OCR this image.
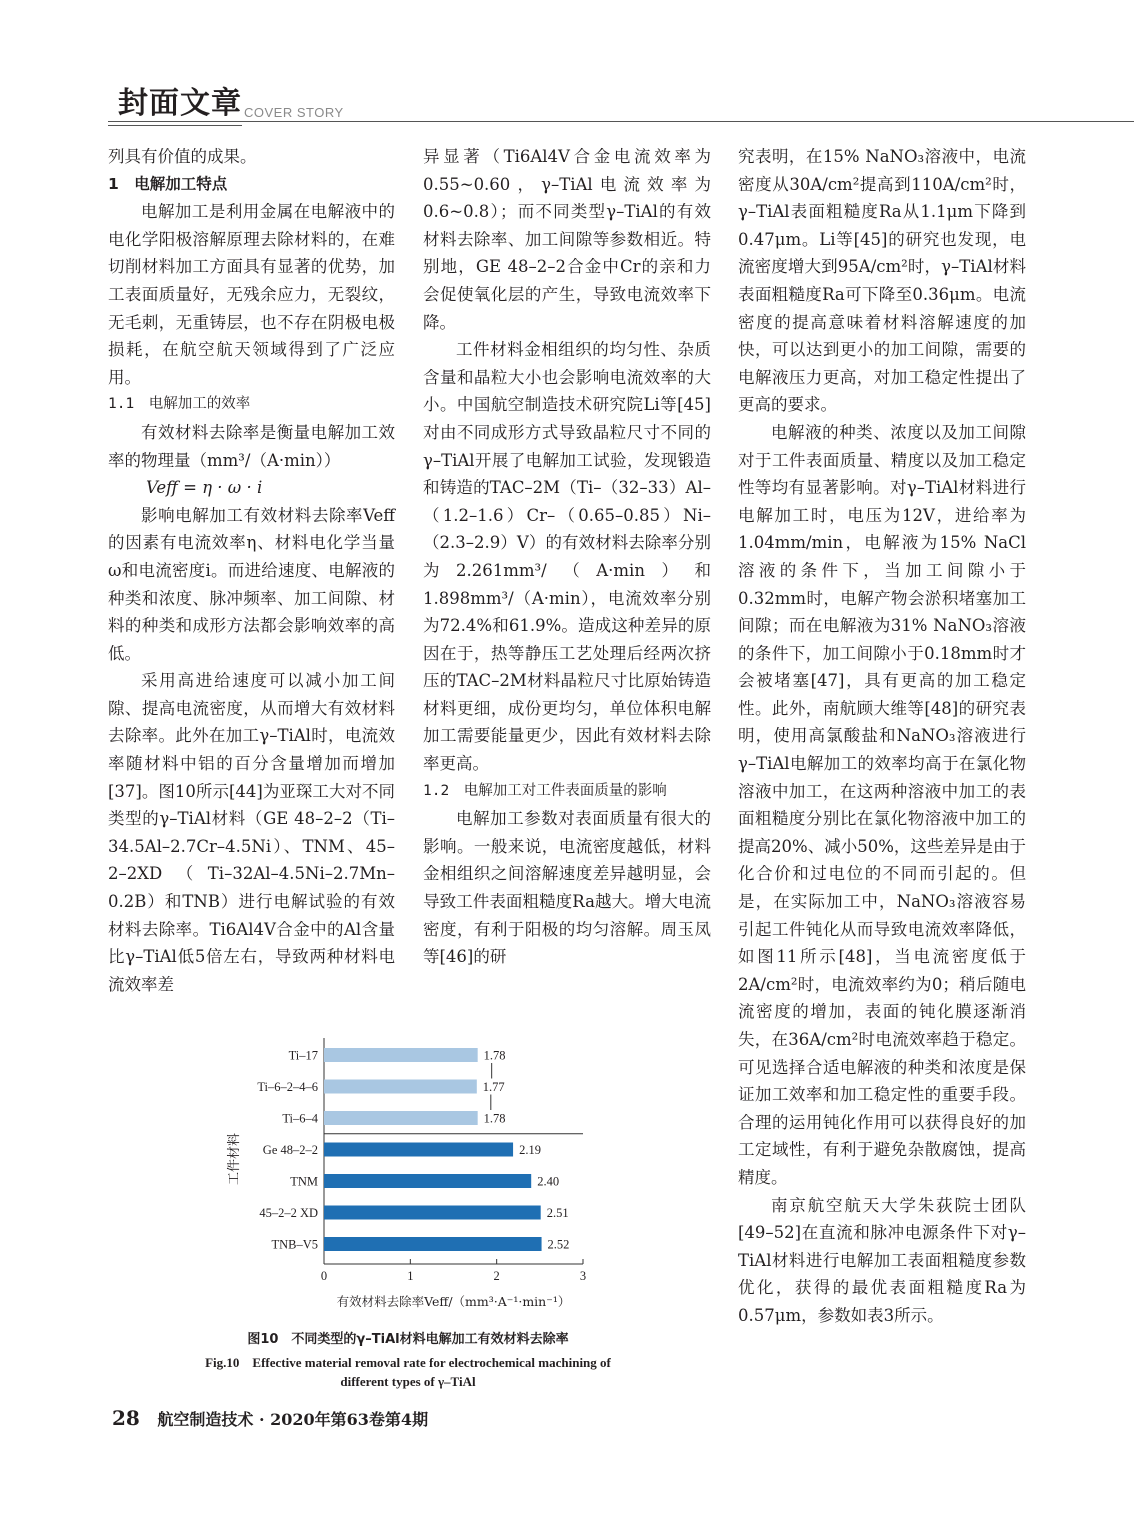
封面文章 COVER STORY

列具有价值的成果。

1　电解加工特点

电解加工是利用金属在电解液中的电化学阳极溶解原理去除材料的，在难切削材料加工方面具有显著的优势，加工表面质量好，无残余应力，无裂纹，无毛刺，无重铸层，也不存在阴极电极损耗，在航空航天领域得到了广泛应用。

1.1　电解加工的效率

有效材料去除率是衡量电解加工效率的物理量（mm³/（A·min））

Veff = η · ω · i

影响电解加工有效材料去除率Veff的因素有电流效率η、材料电化学当量ω和电流密度i。而进给速度、电解液的种类和浓度、脉冲频率、加工间隙、材料的种类和成形方法都会影响效率的高低。

采用高进给速度可以减小加工间隙、提高电流密度，从而增大有效材料去除率。此外在加工γ–TiAl时，电流效率随材料中铝的百分含量增加而增加[37]。图10所示[44]为亚琛工大对不同类型的γ–TiAl材料（GE 48–2–2（Ti–34.5Al–2.7Cr–4.5Ni）、TNM、45–2–2XD（Ti–32Al–4.5Ni–2.7Mn–0.2B）和TNB）进行电解试验的有效材料去除率。Ti6Al4V合金中的Al含量比γ–TiAl低5倍左右，导致两种材料电流效率差

异显著（Ti6Al4V合金电流效率为0.55~0.60，γ–TiAl电流效率为0.6~0.8）；而不同类型γ–TiAl的有效材料去除率、加工间隙等参数相近。特别地，GE 48–2–2合金中Cr的亲和力会促使氧化层的产生，导致电流效率下降。

工件材料金相组织的均匀性、杂质含量和晶粒大小也会影响电流效率的大小。中国航空制造技术研究院Li等[45]对由不同成形方式导致晶粒尺寸不同的γ–TiAl开展了电解加工试验，发现锻造和铸造的TAC–2M（Ti–（32–33）Al–（1.2–1.6）Cr–（0.65–0.85）Ni–（2.3–2.9）V）的有效材料去除率分别为2.261mm³/（A·min）和1.898mm³/（A·min），电流效率分别为72.4%和61.9%。造成这种差异的原因在于，热等静压工艺处理后经两次挤压的TAC–2M材料晶粒尺寸比原始铸造材料更细，成份更均匀，单位体积电解加工需要能量更少，因此有效材料去除率更高。

1.2　电解加工对工件表面质量的影响

电解加工参数对表面质量有很大的影响。一般来说，电流密度越低，材料金相组织之间溶解速度差异越明显，会导致工件表面粗糙度Ra越大。增大电流密度，有利于阳极的均匀溶解。周玉凤等[46]的研

究表明，在15% NaNO₃溶液中，电流密度从30A/cm²提高到110A/cm²时，γ–TiAl表面粗糙度Ra从1.1μm下降到0.47μm。Li等[45]的研究也发现，电流密度增大到95A/cm²时，γ–TiAl材料表面粗糙度Ra可下降至0.36μm。电流密度的提高意味着材料溶解速度的加快，可以达到更小的加工间隙，需要的电解液压力更高，对加工稳定性提出了更高的要求。

电解液的种类、浓度以及加工间隙对于工件表面质量、精度以及加工稳定性等均有显著影响。对γ–TiAl材料进行电解加工时，电压为12V，进给率为1.04mm/min，电解液为15% NaCl溶液的条件下，当加工间隙小于0.32mm时，电解产物会淤积堵塞加工间隙；而在电解液为31% NaNO₃溶液的条件下，加工间隙小于0.18mm时才会被堵塞[47]，具有更高的加工稳定性。此外，南航顾大维等[48]的研究表明，使用高氯酸盐和NaNO₃溶液进行γ–TiAl电解加工的效率均高于在氯化物溶液中加工，在这两种溶液中加工的表面粗糙度分别比在氯化物溶液中加工的提高20%、减小50%，这些差异是由于化合价和过电位的不同而引起的。但是，在实际加工中，NaNO₃溶液容易引起工件钝化从而导致电流效率降低，如图11所示[48]，当电流密度低于2A/cm²时，电流效率约为0；稍后随电流密度的增加，表面的钝化膜逐渐消失，在36A/cm²时电流效率趋于稳定。可见选择合适电解液的种类和浓度是保证加工效率和加工稳定性的重要手段。合理的运用钝化作用可以获得良好的加工定域性，有利于避免杂散腐蚀，提高精度。

南京航空航天大学朱荻院士团队[49–52]在直流和脉冲电源条件下对γ–TiAl材料进行电解加工表面粗糙度参数优化，获得的最优表面粗糙度Ra为0.57μm，参数如表3所示。

Ti–17	1.78
Ti–6–2–4–6	1.77
Ti–6–4	1.78
Ge 48–2–2	2.19
TNM	2.40
45–2–2 XD	2.51
TNB–V5	2.52
0	1	2	3
有效材料去除率Veff/（mm³·A⁻¹·min⁻¹）
工件材料
图10　不同类型的γ–TiAl材料电解加工有效材料去除率
Fig.10　Effective material removal rate for electrochemical machining of
different types of γ–TiAl
28 航空制造技术 · 2020年第63卷第4期
